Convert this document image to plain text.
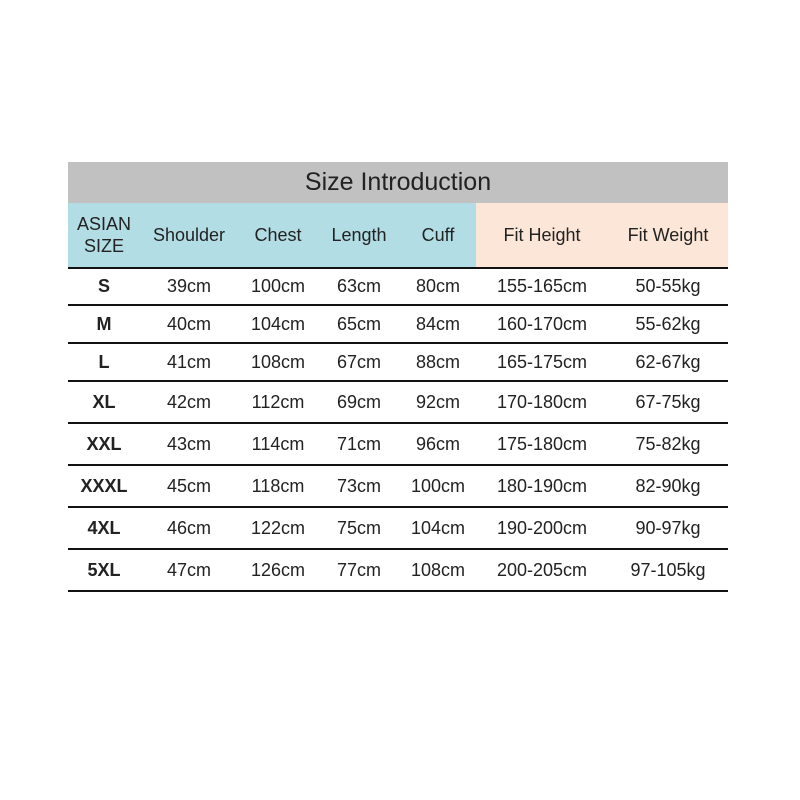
Size Introduction
ASIAN
SIZE
Shoulder	Chest	Length	Cuff	Fit Height	Fit Weight
S	39cm	100cm	63cm	80cm	155-165cm	50-55kg
M	40cm	104cm	65cm	84cm	160-170cm	55-62kg
L	41cm	108cm	67cm	88cm	165-175cm	62-67kg
XL	42cm	112cm	69cm	92cm	170-180cm	67-75kg
XXL	43cm	114cm	71cm	96cm	175-180cm	75-82kg
XXXL	45cm	118cm	73cm	100cm	180-190cm	82-90kg
4XL	46cm	122cm	75cm	104cm	190-200cm	90-97kg
5XL	47cm	126cm	77cm	108cm	200-205cm	97-105kg
